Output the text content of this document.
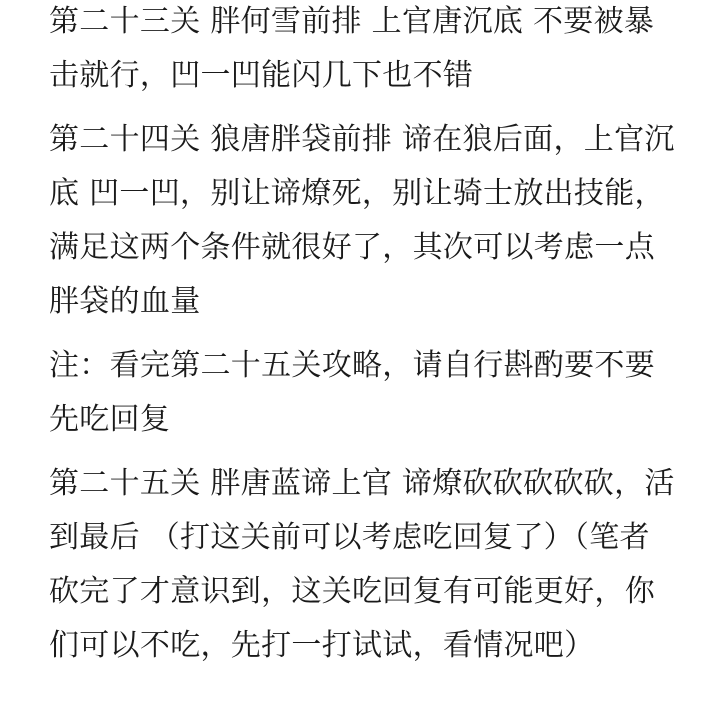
第二十三关 胖何雪前排 上官唐沉底 不要被暴击就行，凹一凹能闪几下也不错

第二十四关 狼唐胖袋前排 谛在狼后面，上官沉底 凹一凹，别让谛燎死，别让骑士放出技能，满足这两个条件就很好了，其次可以考虑一点胖袋的血量

注：看完第二十五关攻略，请自行斟酌要不要先吃回复

第二十五关 胖唐蓝谛上官 谛燎砍砍砍砍砍，活到最后 （打这关前可以考虑吃回复了）（笔者砍完了才意识到，这关吃回复有可能更好，你们可以不吃，先打一打试试，看情况吧）
